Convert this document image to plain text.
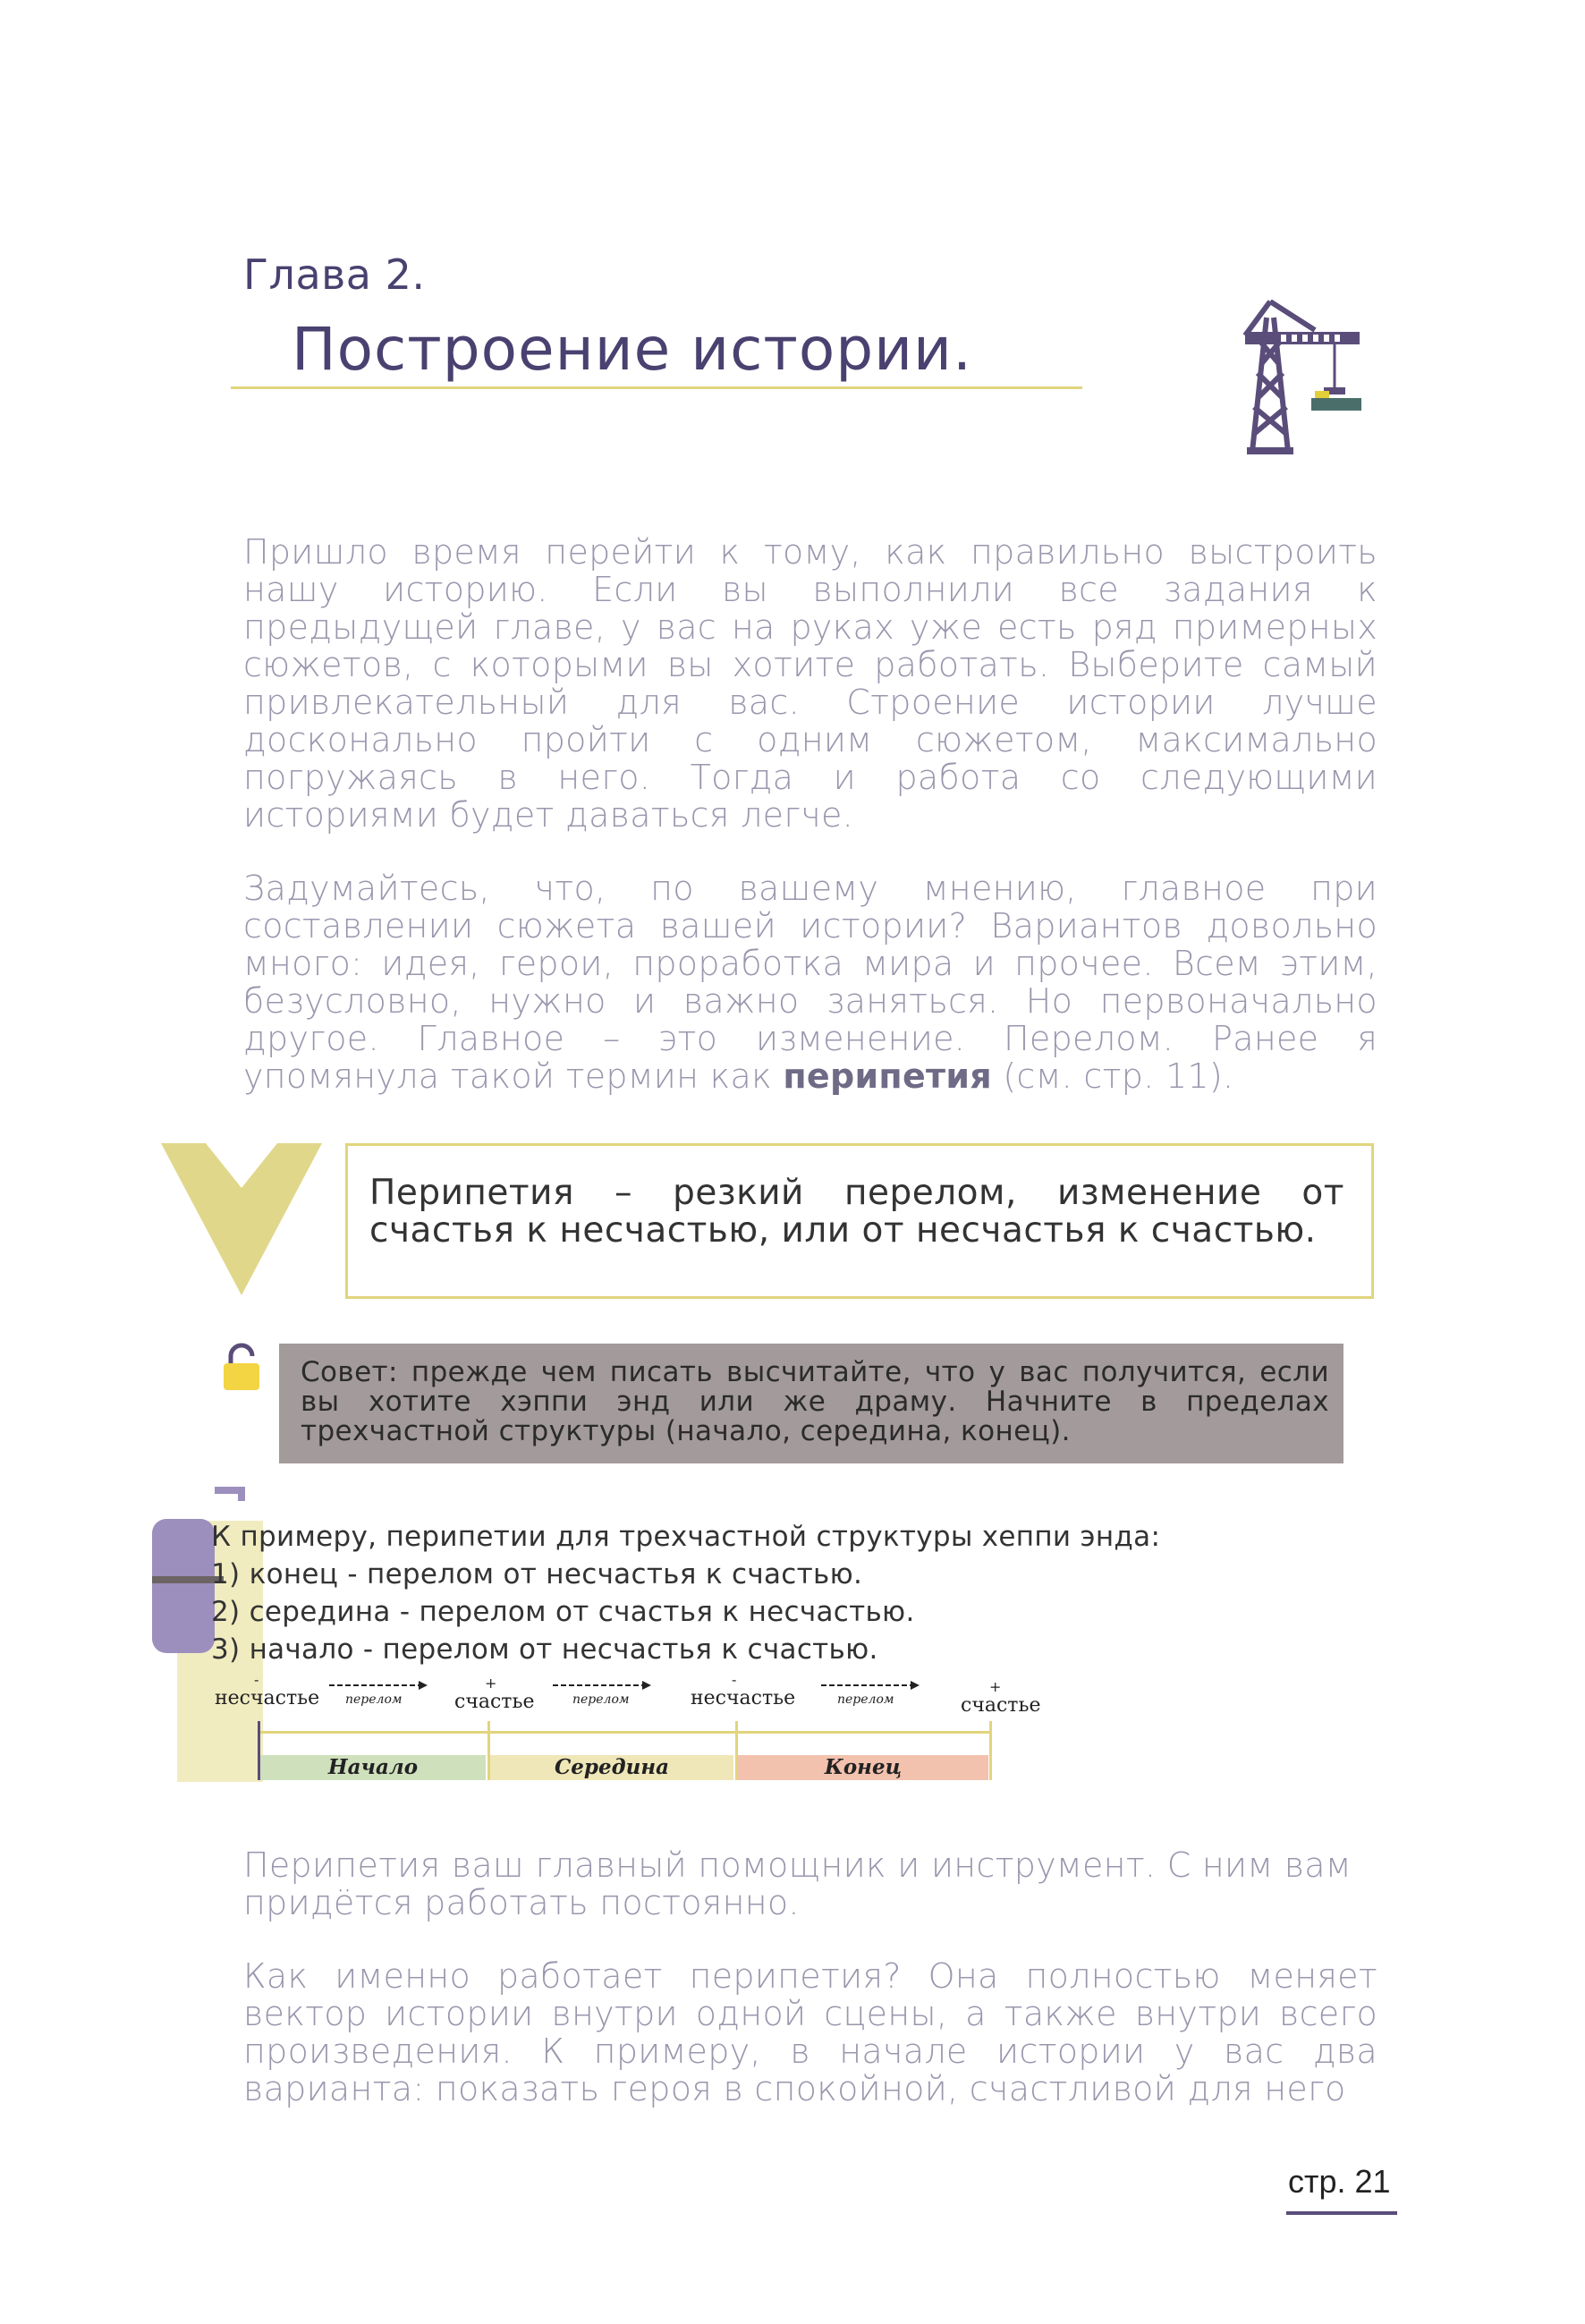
Глава 2.
Построение истории.
Пришло время перейти к тому, как правильно выстроить нашу историю. Если вы выполнили все задания к предыдущей главе, у вас на руках уже есть ряд примерных сюжетов, с которыми вы хотите работать. Выберите самый привлекательный для вас. Строение истории лучше досконально пройти с одним сюжетом, максимально погружаясь в него. Тогда и работа со следующими историями будет даваться легче.
Задумайтесь, что, по вашему мнению, главное при составлении сюжета вашей истории? Вариантов довольно много: идея, герои, проработка мира и прочее. Всем этим, безусловно, нужно и важно заняться. Но первоначально другое. Главное – это изменение. Перелом. Ранее я упомянула такой термин как перипетия (см. стр. 11).
Перипетия – резкий перелом, изменение от счастья к несчастью, или от несчастья к счастью.
Совет: прежде чем писать высчитайте, что у вас получится, если вы хотите хэппи энд или же драму. Начните в пределах трехчастной структуры (начало, середина, конец).
К примеру, перипетии для трехчастной структуры хеппи энда:
1) конец - перелом от несчастья к счастью.
2) середина - перелом от счастья к несчастью.
3) начало - перелом от несчастья к счастью.
-
несчастье перелом
+
счастье	перелом
-
несчастье	перелом
+
счастье
Начало	Середина	Конец
Перипетия ваш главный помощник и инструмент. С ним вам придётся работать постоянно.
Как именно работает перипетия? Она полностью меняет вектор истории внутри одной сцены, а также внутри всего произведения. К примеру, в начале истории у вас два варианта: показать героя в спокойной, счастливой для него
стр. 21
